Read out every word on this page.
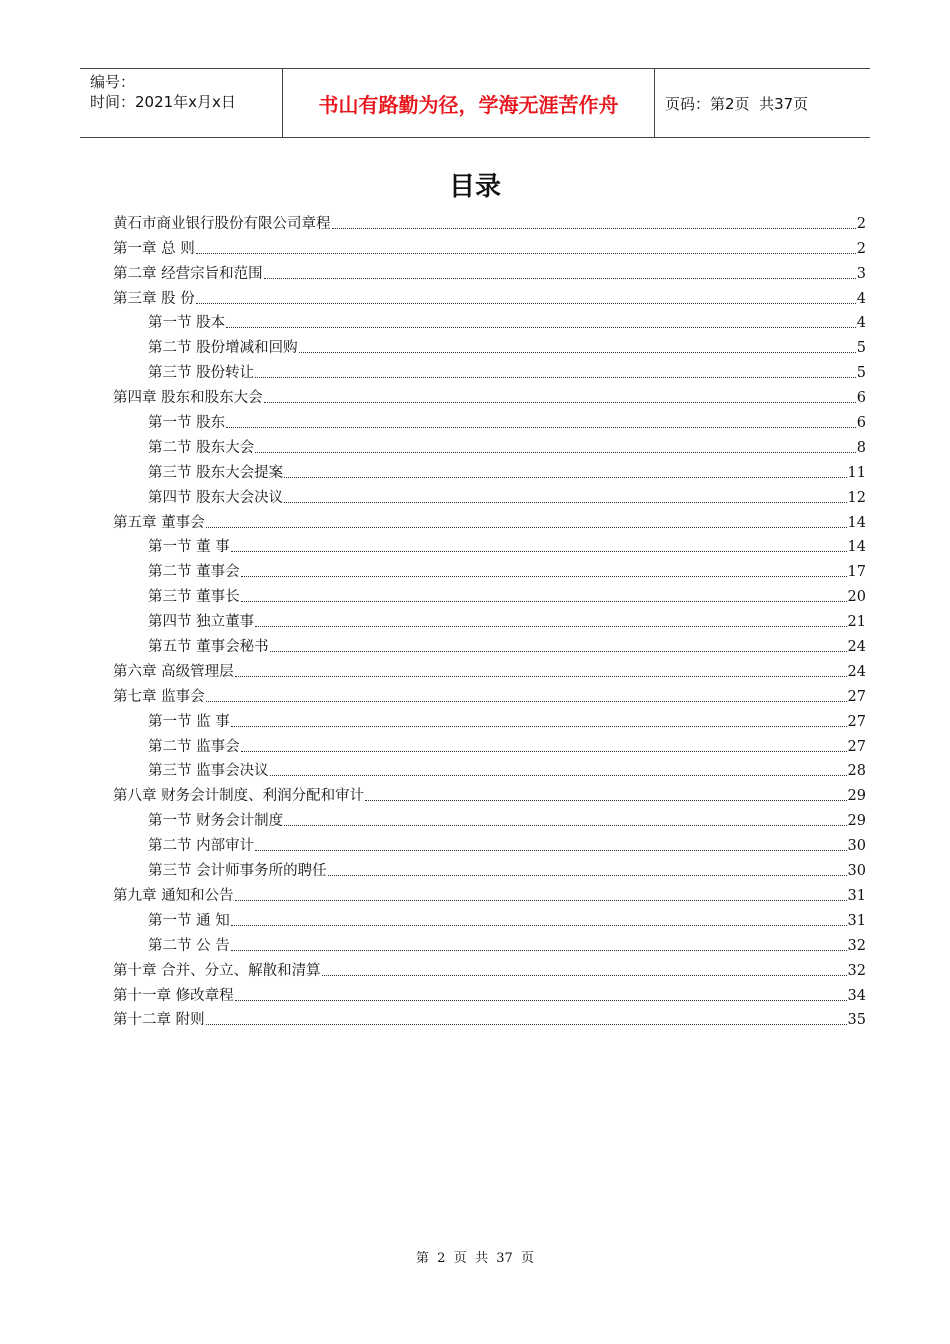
编号：
时间：2021年x月x日	书山有路勤为径，学海无涯苦作舟	页码：第2页  共37页
目录
黄石市商业银行股份有限公司章程	2
第一章 总 则	2
第二章 经营宗旨和范围	3
第三章 股 份	4
第一节 股本	4
第二节 股份增减和回购	5
第三节 股份转让	5
第四章 股东和股东大会	6
第一节 股东	6
第二节 股东大会	8
第三节 股东大会提案	11
第四节 股东大会决议	12
第五章 董事会	14
第一节 董 事	14
第二节 董事会	17
第三节 董事长	20
第四节 独立董事	21
第五节 董事会秘书	24
第六章 高级管理层	24
第七章 监事会	27
第一节 监 事	27
第二节 监事会	27
第三节 监事会决议	28
第八章 财务会计制度、利润分配和审计	29
第一节 财务会计制度	29
第二节 内部审计	30
第三节 会计师事务所的聘任	30
第九章 通知和公告	31
第一节 通 知	31
第二节 公 告	32
第十章 合并、分立、解散和清算	32
第十一章 修改章程	34
第十二章 附则	35
第  2  页  共  37  页
